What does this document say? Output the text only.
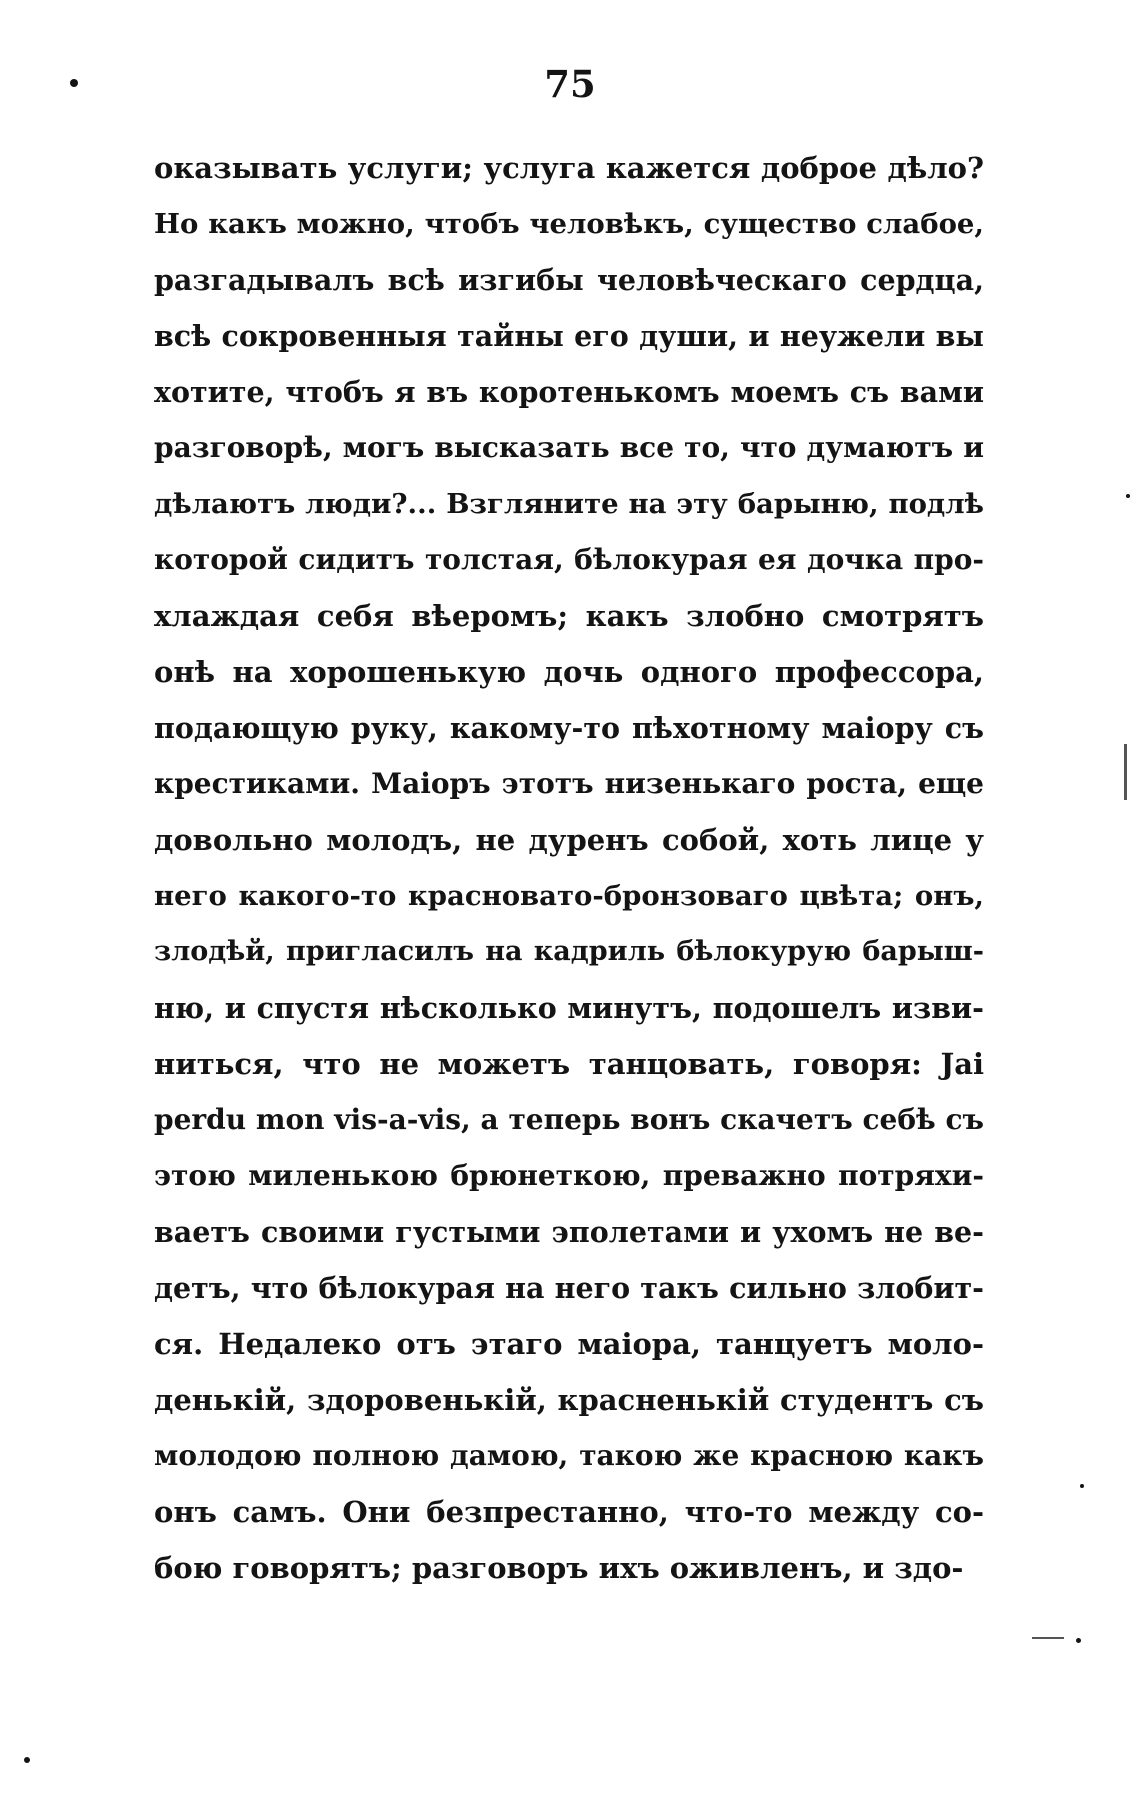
75
оказывать услуги; услуга кажется доброе дѣло?
Но какъ можно, чтобъ человѣкъ, существо слабое,
разгадывалъ всѣ изгибы человѣческаго сердца,
всѣ сокровенныя тайны его души, и неужели вы
хотите, чтобъ я въ коротенькомъ моемъ съ вами
разговорѣ, могъ высказать все то, что думаютъ и
дѣлаютъ люди?... Взгляните на эту барыню, подлѣ
которой сидитъ толстая, бѣлокурая ея дочка про-
хлаждая себя вѣеромъ; какъ злобно смотрятъ
онѣ на хорошенькую дочь одного профессора,
подающую руку, какому-то пѣхотному маіору съ
крестиками. Маіоръ этотъ низенькаго роста, еще
довольно молодъ, не дуренъ собой, хоть лице у
него какого-то красновато-бронзоваго цвѣта; онъ,
злодѣй, пригласилъ на кадриль бѣлокурую барыш-
ню, и спустя нѣсколько минутъ, подошелъ изви-
ниться, что не можетъ танцовать, говоря: Jai
perdu mon vis-a-vis, а теперь вонъ скачетъ себѣ съ
этою миленькою брюнеткою, преважно потряхи-
ваетъ своими густыми эполетами и ухомъ не ве-
детъ, что бѣлокурая на него такъ сильно злобит-
ся. Недалеко отъ этаго маіора, танцуетъ моло-
денькій, здоровенькій, красненькій студентъ съ
молодою полною дамою, такою же красною какъ
онъ самъ. Они безпрестанно, что-то между со-
бою говорятъ; разговоръ ихъ оживленъ, и здо-
